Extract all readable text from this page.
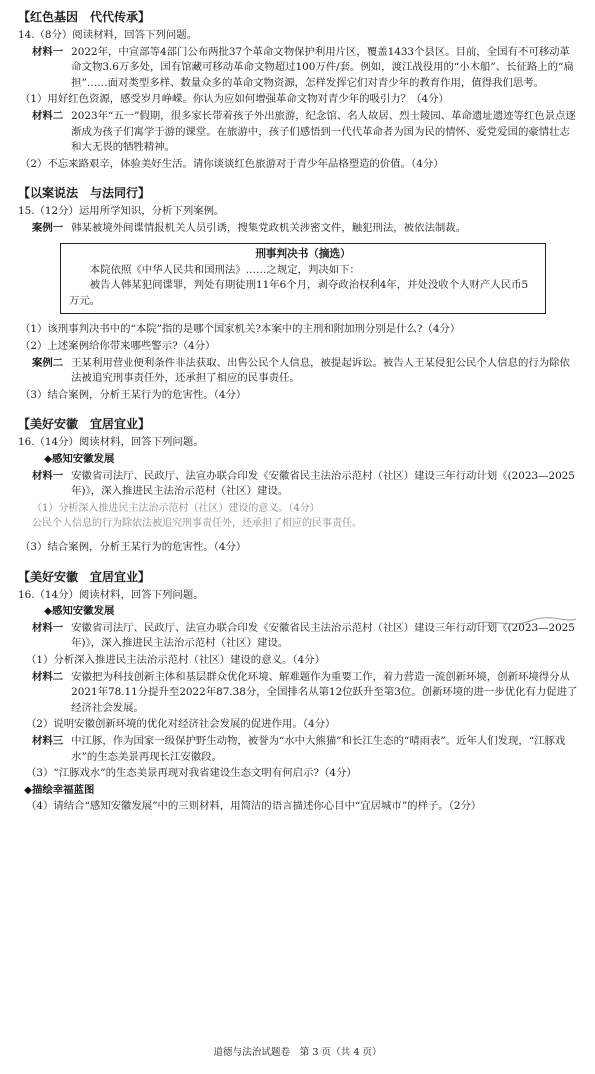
【红色基因　代代传承】

14.（8分）阅读材料，回答下列问题。

材料一 2022年，中宣部等4部门公布两批37个革命文物保护利用片区，覆盖1433个县区。目前，全国有不可移动革命文物3.6万多处，国有馆藏可移动革命文物超过100万件/套。例如，渡江战役用的“小木船”、长征路上的“扁担”……面对类型多样、数量众多的革命文物资源，怎样发挥它们对青少年的教育作用，值得我们思考。

（1）用好红色资源，感受岁月峥嵘。你认为应如何增强革命文物对青少年的吸引力？（4分）

材料二 2023年“五一”假期，很多家长带着孩子外出旅游，纪念馆、名人故居、烈士陵园、革命遗址遗迹等红色景点逐渐成为孩子们寓学于游的课堂。在旅游中，孩子们感悟到一代代革命者为国为民的情怀、爱党爱国的豪情壮志和大无畏的牺牲精神。

（2）不忘来路艰辛，体验美好生活。请你谈谈红色旅游对于青少年品格塑造的价值。（4分）

【以案说法　与法同行】

15.（12分）运用所学知识，分析下列案例。

案例一 韩某被境外间谍情报机关人员引诱，搜集党政机关涉密文件，触犯刑法，被依法制裁。
刑事判决书（摘选）
本院依照《中华人民共和国刑法》……之规定，判决如下：
被告人韩某犯间谍罪，判处有期徒刑11年6个月，剥夺政治权利4年，并处没收个人财产人民币5万元。

（1）该刑事判决书中的“本院”指的是哪个国家机关?本案中的主刑和附加刑分别是什么?（4分）

（2）上述案例给你带来哪些警示?（4分）

案例二 王某利用营业便利条件非法获取、出售公民个人信息，被提起诉讼。被告人王某侵犯公民个人信息的行为除依法被追究刑事责任外，还承担了相应的民事责任。

（3）结合案例，分析王某行为的危害性。（4分）

【美好安徽　宜居宜业】

16.（14分）阅读材料，回答下列问题。

◆感知安徽发展
材料一 安徽省司法厅、民政厅、法宣办联合印发《安徽省民主法治示范村（社区）建设三年行动计划《(2023—2025年)》，深入推进民主法治示范村（社区）建设。
（1）分析深入推进民主法治示范村（社区）建设的意义。（4分）
公民个人信息的行为除依法被追究刑事责任外，还承担了相应的民事责任。

（3）结合案例，分析王某行为的危害性。（4分）

【美好安徽　宜居宜业】

16.（14分）阅读材料，回答下列问题。

◆感知安徽发展
材料一 安徽省司法厅、民政厅、法宣办联合印发《安徽省民主法治示范村（社区）建设三年行动计划《(2023—2025年)》，深入推进民主法治示范村（社区）建设。

（1）分析深入推进民主法治示范村（社区）建设的意义。（4分）

材料二 安徽把为科技创新主体和基层群众优化环境、解难题作为重要工作，着力营造一流创新环境，创新环境得分从2021年78.11分提升至2022年87.38分，全国排名从第12位跃升至第3位。创新环境的进一步优化有力促进了经济社会发展。

（2）说明安徽创新环境的优化对经济社会发展的促进作用。（4分）

材料三 中江豚，作为国家一级保护野生动物，被誉为“水中大熊猫”和长江生态的“晴雨表”。近年人们发现，“江豚戏水”的生态美景再现长江安徽段。

（3）“江豚戏水”的生态美景再现对我省建设生态文明有何启示?（4分）

◆描绘幸福蓝图

（4）请结合“感知安徽发展”中的三则材料，用简洁的语言描述你心目中“宜居城市”的样子。（2分）

道德与法治试题卷　第 3 页（共 4 页）
